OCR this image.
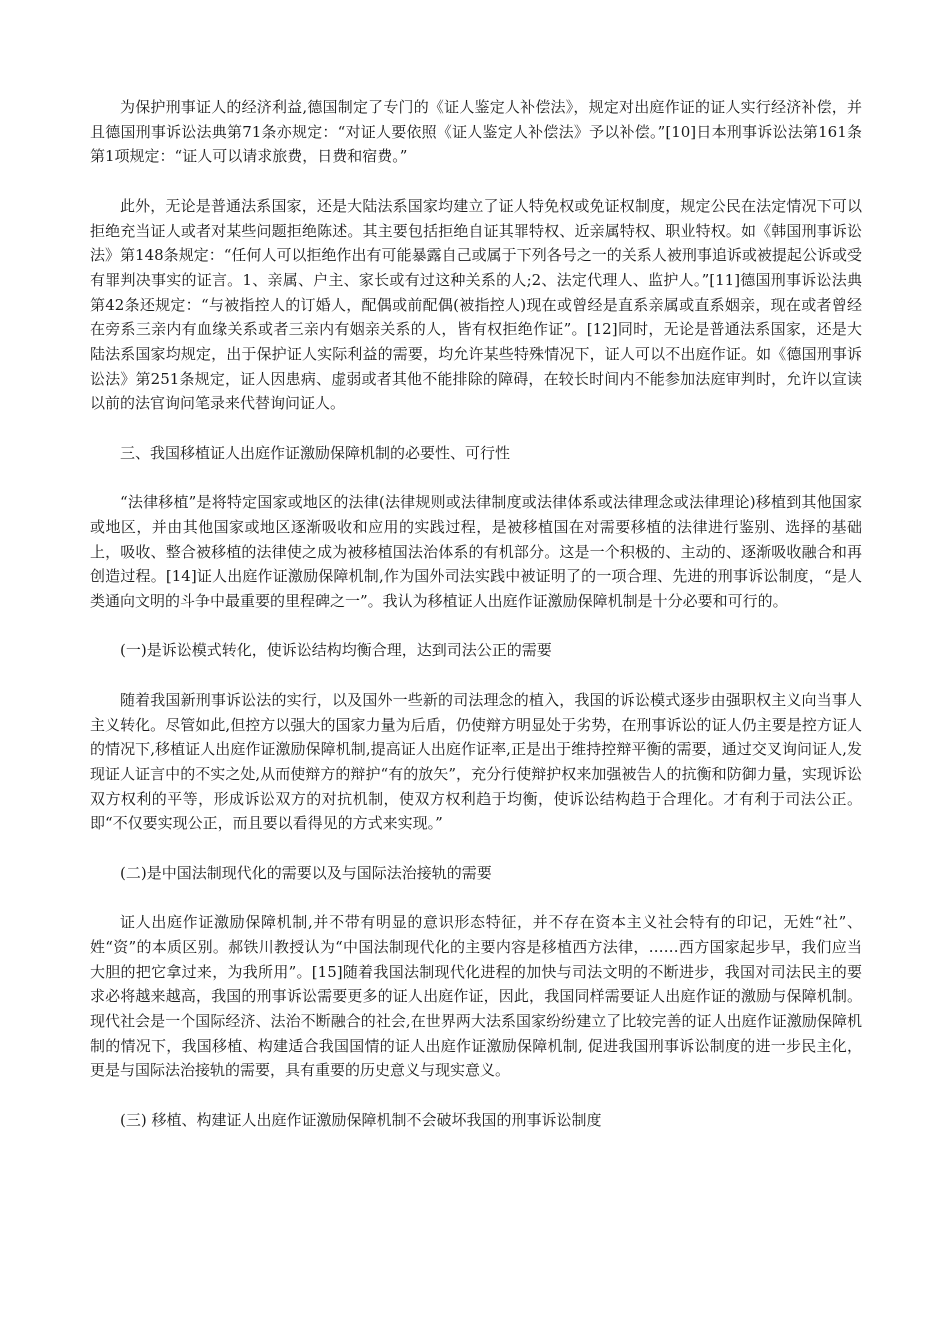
为保护刑事证人的经济利益,德国制定了专门的《证人鉴定人补偿法》，规定对出庭作证的证人实行经济补偿，并且德国刑事诉讼法典第71条亦规定：“对证人要依照《证人鉴定人补偿法》予以补偿。”[10]日本刑事诉讼法第161条第1项规定：“证人可以请求旅费，日费和宿费。”

此外，无论是普通法系国家，还是大陆法系国家均建立了证人特免权或免证权制度，规定公民在法定情况下可以拒绝充当证人或者对某些问题拒绝陈述。其主要包括拒绝自证其罪特权、近亲属特权、职业特权。如《韩国刑事诉讼法》第148条规定：“任何人可以拒绝作出有可能暴露自己或属于下列各号之一的关系人被刑事追诉或被提起公诉或受有罪判决事实的证言。1、亲属、户主、家长或有过这种关系的人;2、法定代理人、监护人。”[11]德国刑事诉讼法典第42条还规定：“与被指控人的订婚人，配偶或前配偶(被指控人)现在或曾经是直系亲属或直系姻亲，现在或者曾经在旁系三亲内有血缘关系或者三亲内有姻亲关系的人，皆有权拒绝作证”。[12]同时，无论是普通法系国家，还是大陆法系国家均规定，出于保护证人实际利益的需要，均允许某些特殊情况下，证人可以不出庭作证。如《德国刑事诉讼法》第251条规定，证人因患病、虚弱或者其他不能排除的障碍，在较长时间内不能参加法庭审判时，允许以宣读以前的法官询问笔录来代替询问证人。

三、我国移植证人出庭作证激励保障机制的必要性、可行性

“法律移植”是将特定国家或地区的法律(法律规则或法律制度或法律体系或法律理念或法律理论)移植到其他国家或地区，并由其他国家或地区逐渐吸收和应用的实践过程，是被移植国在对需要移植的法律进行鉴别、选择的基础上，吸收、整合被移植的法律使之成为被移植国法治体系的有机部分。这是一个积极的、主动的、逐渐吸收融合和再创造过程。[14]证人出庭作证激励保障机制,作为国外司法实践中被证明了的一项合理、先进的刑事诉讼制度，“是人类通向文明的斗争中最重要的里程碑之一”。我认为移植证人出庭作证激励保障机制是十分必要和可行的。

(一)是诉讼模式转化，使诉讼结构均衡合理，达到司法公正的需要

随着我国新刑事诉讼法的实行，以及国外一些新的司法理念的植入，我国的诉讼模式逐步由强职权主义向当事人主义转化。尽管如此,但控方以强大的国家力量为后盾，仍使辩方明显处于劣势，在刑事诉讼的证人仍主要是控方证人的情况下,移植证人出庭作证激励保障机制,提高证人出庭作证率,正是出于维持控辩平衡的需要，通过交叉询问证人,发现证人证言中的不实之处,从而使辩方的辩护“有的放矢”，充分行使辩护权来加强被告人的抗衡和防御力量，实现诉讼双方权利的平等，形成诉讼双方的对抗机制，使双方权利趋于均衡，使诉讼结构趋于合理化。才有利于司法公正。即“不仅要实现公正，而且要以看得见的方式来实现。”

(二)是中国法制现代化的需要以及与国际法治接轨的需要

证人出庭作证激励保障机制,并不带有明显的意识形态特征，并不存在资本主义社会特有的印记，无姓“社”、姓“资”的本质区别。郝铁川教授认为“中国法制现代化的主要内容是移植西方法律，……西方国家起步早，我们应当大胆的把它拿过来，为我所用”。[15]随着我国法制现代化进程的加快与司法文明的不断进步，我国对司法民主的要求必将越来越高，我国的刑事诉讼需要更多的证人出庭作证，因此，我国同样需要证人出庭作证的激励与保障机制。现代社会是一个国际经济、法治不断融合的社会,在世界两大法系国家纷纷建立了比较完善的证人出庭作证激励保障机制的情况下，我国移植、构建适合我国国情的证人出庭作证激励保障机制, 促进我国刑事诉讼制度的进一步民主化，更是与国际法治接轨的需要，具有重要的历史意义与现实意义。

(三) 移植、构建证人出庭作证激励保障机制不会破坏我国的刑事诉讼制度
